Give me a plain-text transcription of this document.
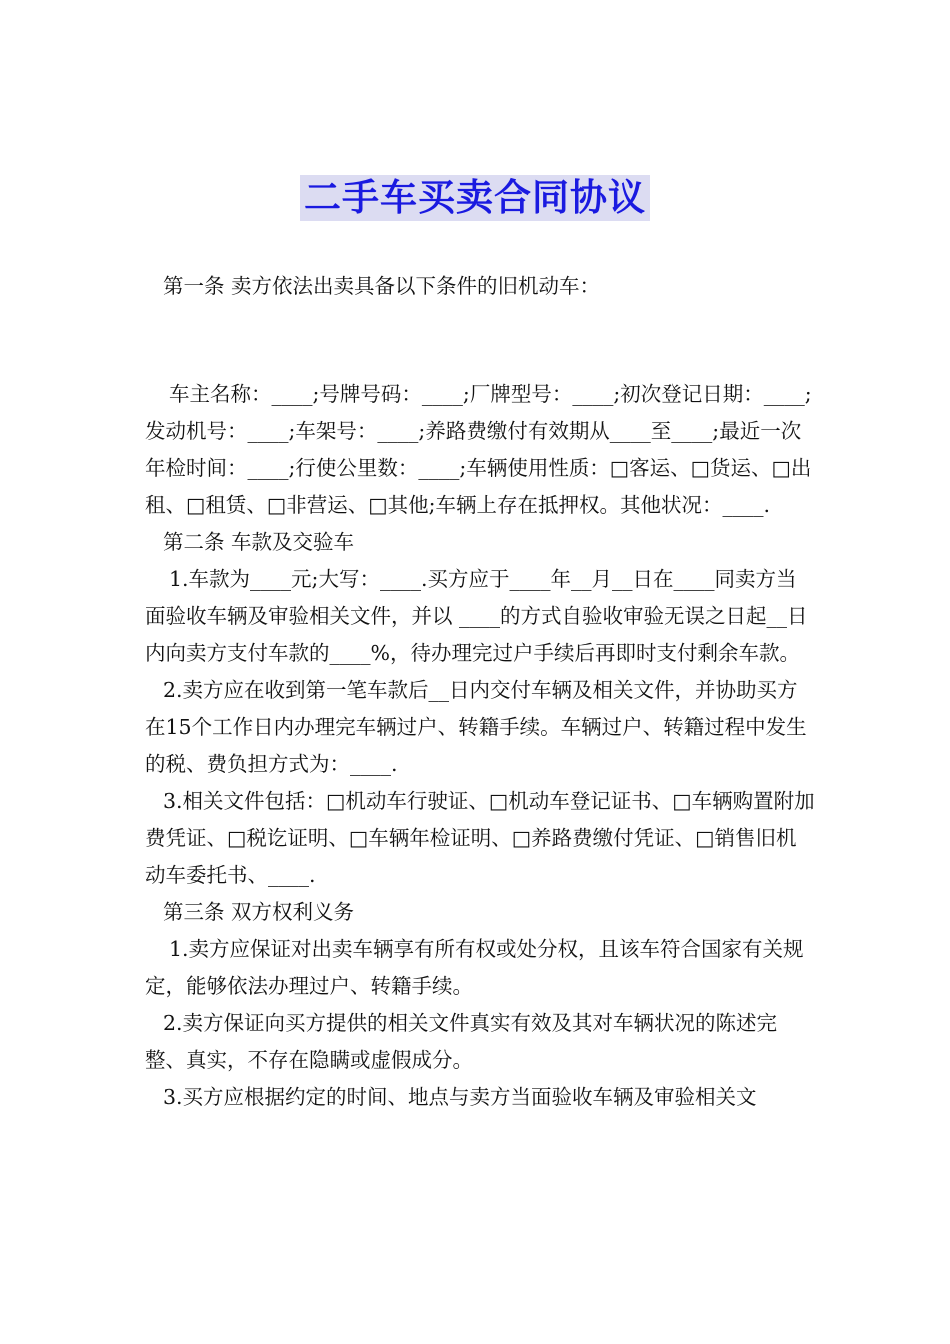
二手车买卖合同协议

第一条 卖方依法出卖具备以下条件的旧机动车：

车主名称：____;号牌号码：____;厂牌型号：____;初次登记日期：____;发动机号：____;车架号：____;养路费缴付有效期从____至____;最近一次年检时间：____;行使公里数：____;车辆使用性质：□客运、□货运、□出租、□租赁、□非营运、□其他;车辆上存在抵押权。其他状况：____.

第二条 车款及交验车

1.车款为____元;大写：____.买方应于____年__月__日在____同卖方当面验收车辆及审验相关文件，并以 ____的方式自验收审验无误之日起__日内向卖方支付车款的____%，待办理完过户手续后再即时支付剩余车款。

2.卖方应在收到第一笔车款后__日内交付车辆及相关文件，并协助买方在15个工作日内办理完车辆过户、转籍手续。车辆过户、转籍过程中发生的税、费负担方式为：____.

3.相关文件包括：□机动车行驶证、□机动车登记证书、□车辆购置附加费凭证、□税讫证明、□车辆年检证明、□养路费缴付凭证、□销售旧机动车委托书、____.

第三条 双方权利义务

1.卖方应保证对出卖车辆享有所有权或处分权，且该车符合国家有关规定，能够依法办理过户、转籍手续。

2.卖方保证向买方提供的相关文件真实有效及其对车辆状况的陈述完整、真实，不存在隐瞒或虚假成分。

3.买方应根据约定的时间、地点与卖方当面验收车辆及审验相关文
